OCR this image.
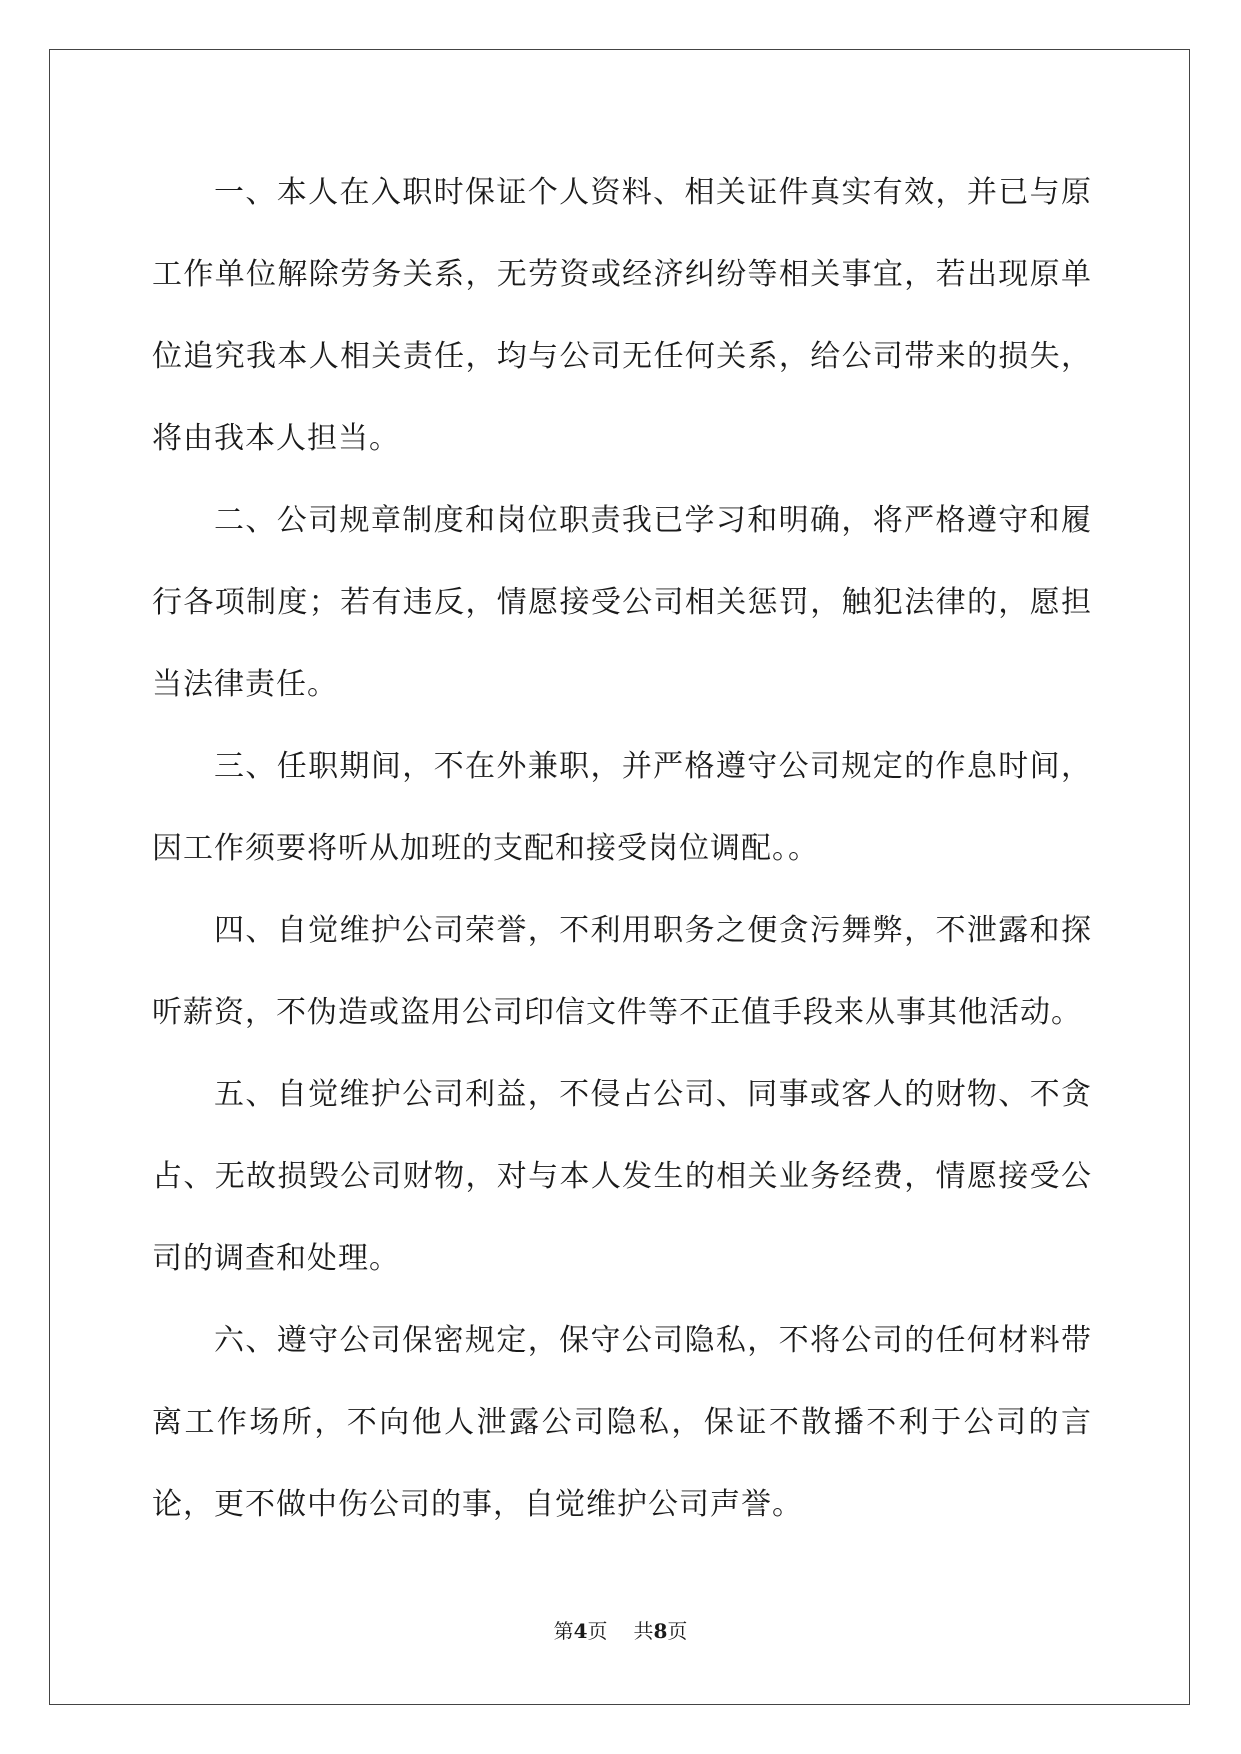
一、本人在入职时保证个人资料、相关证件真实有效，并已与原工作单位解除劳务关系，无劳资或经济纠纷等相关事宜，若出现原单位追究我本人相关责任，均与公司无任何关系，给公司带来的损失，将由我本人担当。

二、公司规章制度和岗位职责我已学习和明确，将严格遵守和履行各项制度；若有违反，情愿接受公司相关惩罚，触犯法律的，愿担当法律责任。

三、任职期间，不在外兼职，并严格遵守公司规定的作息时间，因工作须要将听从加班的支配和接受岗位调配。。

四、自觉维护公司荣誉，不利用职务之便贪污舞弊，不泄露和探听薪资，不伪造或盗用公司印信文件等不正值手段来从事其他活动。

五、自觉维护公司利益，不侵占公司、同事或客人的财物、不贪占、无故损毁公司财物，对与本人发生的相关业务经费，情愿接受公司的调查和处理。

六、遵守公司保密规定，保守公司隐私，不将公司的任何材料带离工作场所，不向他人泄露公司隐私，保证不散播不利于公司的言论，更不做中伤公司的事，自觉维护公司声誉。

第4页 共8页
